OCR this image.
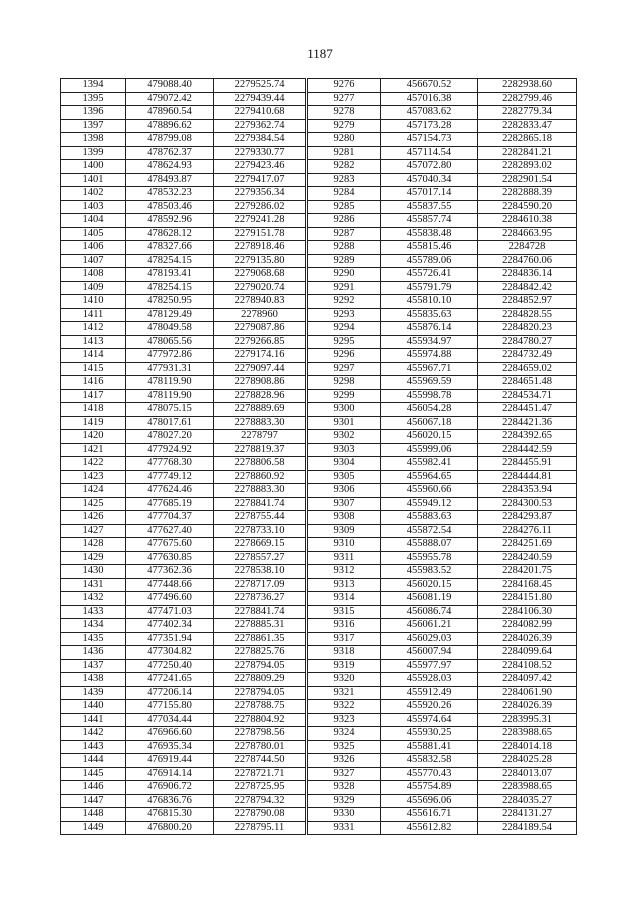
1187
1394	479088.40	2279525.74	9276	456670.52	2282938.60
1395	479072.42	2279439.44	9277	457016.38	2282799.46
1396	478960.54	2279410.68	9278	457083.62	2282779.34
1397	478896.62	2279362.74	9279	457173.28	2282833.47
1398	478799.08	2279384.54	9280	457154.73	2282865.18
1399	478762.37	2279330.77	9281	457114.54	2282841.21
1400	478624.93	2279423.46	9282	457072.80	2282893.02
1401	478493.87	2279417.07	9283	457040.34	2282901.54
1402	478532.23	2279356.34	9284	457017.14	2282888.39
1403	478503.46	2279286.02	9285	455837.55	2284590.20
1404	478592.96	2279241.28	9286	455857.74	2284610.38
1405	478628.12	2279151.78	9287	455838.48	2284663.95
1406	478327.66	2278918.46	9288	455815.46	2284728
1407	478254.15	2279135.80	9289	455789.06	2284760.06
1408	478193.41	2279068.68	9290	455726.41	2284836.14
1409	478254.15	2279020.74	9291	455791.79	2284842.42
1410	478250.95	2278940.83	9292	455810.10	2284852.97
1411	478129.49	2278960	9293	455835.63	2284828.55
1412	478049.58	2279087.86	9294	455876.14	2284820.23
1413	478065.56	2279266.85	9295	455934.97	2284780.27
1414	477972.86	2279174.16	9296	455974.88	2284732.49
1415	477931.31	2279097.44	9297	455967.71	2284659.02
1416	478119.90	2278908.86	9298	455969.59	2284651.48
1417	478119.90	2278828.96	9299	455998.78	2284534.71
1418	478075.15	2278889.69	9300	456054.28	2284451.47
1419	478017.61	2278883.30	9301	456067.18	2284421.36
1420	478027.20	2278797	9302	456020.15	2284392.65
1421	477924.92	2278819.37	9303	455999.06	2284442.59
1422	477768.30	2278806.58	9304	455982.41	2284455.91
1423	477749.12	2278860.92	9305	455964.65	2284444.81
1424	477624.46	2278883.30	9306	455960.66	2284353.94
1425	477685.19	2278841.74	9307	455949.12	2284300.53
1426	477704.37	2278755.44	9308	455883.63	2284293.87
1427	477627.40	2278733.10	9309	455872.54	2284276.11
1428	477675.60	2278669.15	9310	455888.07	2284251.69
1429	477630.85	2278557.27	9311	455955.78	2284240.59
1430	477362.36	2278538.10	9312	455983.52	2284201.75
1431	477448.66	2278717.09	9313	456020.15	2284168.45
1432	477496.60	2278736.27	9314	456081.19	2284151.80
1433	477471.03	2278841.74	9315	456086.74	2284106.30
1434	477402.34	2278885.31	9316	456061.21	2284082.99
1435	477351.94	2278861.35	9317	456029.03	2284026.39
1436	477304.82	2278825.76	9318	456007.94	2284099.64
1437	477250.40	2278794.05	9319	455977.97	2284108.52
1438	477241.65	2278809.29	9320	455928.03	2284097.42
1439	477206.14	2278794.05	9321	455912.49	2284061.90
1440	477155.80	2278788.75	9322	455920.26	2284026.39
1441	477034.44	2278804.92	9323	455974.64	2283995.31
1442	476966.60	2278798.56	9324	455930.25	2283988.65
1443	476935.34	2278780.01	9325	455881.41	2284014.18
1444	476919.44	2278744.50	9326	455832.58	2284025.28
1445	476914.14	2278721.71	9327	455770.43	2284013.07
1446	476906.72	2278725.95	9328	455754.89	2283988.65
1447	476836.76	2278794.32	9329	455696.06	2284035.27
1448	476815.30	2278790.08	9330	455616.71	2284131.27
1449	476800.20	2278795.11	9331	455612.82	2284189.54
